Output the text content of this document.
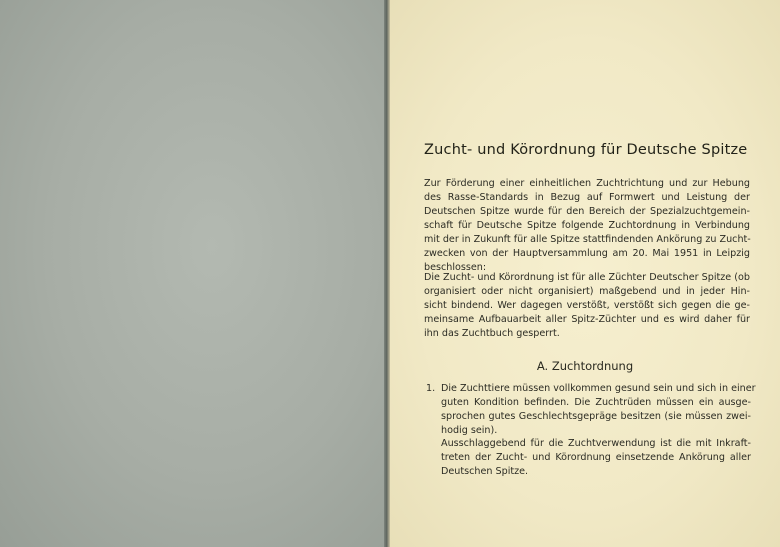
Zucht- und Körordnung für Deutsche Spitze
Zur Förderung einer einheitlichen Zuchtrichtung und zur Hebung
des Rasse-Standards in Bezug auf Formwert und Leistung der
Deutschen Spitze wurde für den Bereich der Spezialzuchtgemein-
schaft für Deutsche Spitze folgende Zuchtordnung in Verbindung
mit der in Zukunft für alle Spitze stattfindenden Ankörung zu Zucht-
zwecken von der Hauptversammlung am 20. Mai 1951 in Leipzig
beschlossen:
Die Zucht- und Körordnung ist für alle Züchter Deutscher Spitze (ob
organisiert oder nicht organisiert) maßgebend und in jeder Hin-
sicht bindend. Wer dagegen verstößt, verstößt sich gegen die ge-
meinsame Aufbauarbeit aller Spitz-Züchter und es wird daher für
ihn das Zuchtbuch gesperrt.
A. Zuchtordnung
1. Die Zuchttiere müssen vollkommen gesund sein und sich in einer
guten Kondition befinden. Die Zuchtrüden müssen ein ausge-
sprochen gutes Geschlechtsgepräge besitzen (sie müssen zwei-
hodig sein).
Ausschlaggebend für die Zuchtverwendung ist die mit Inkraft-
treten der Zucht- und Körordnung einsetzende Ankörung aller
Deutschen Spitze.
